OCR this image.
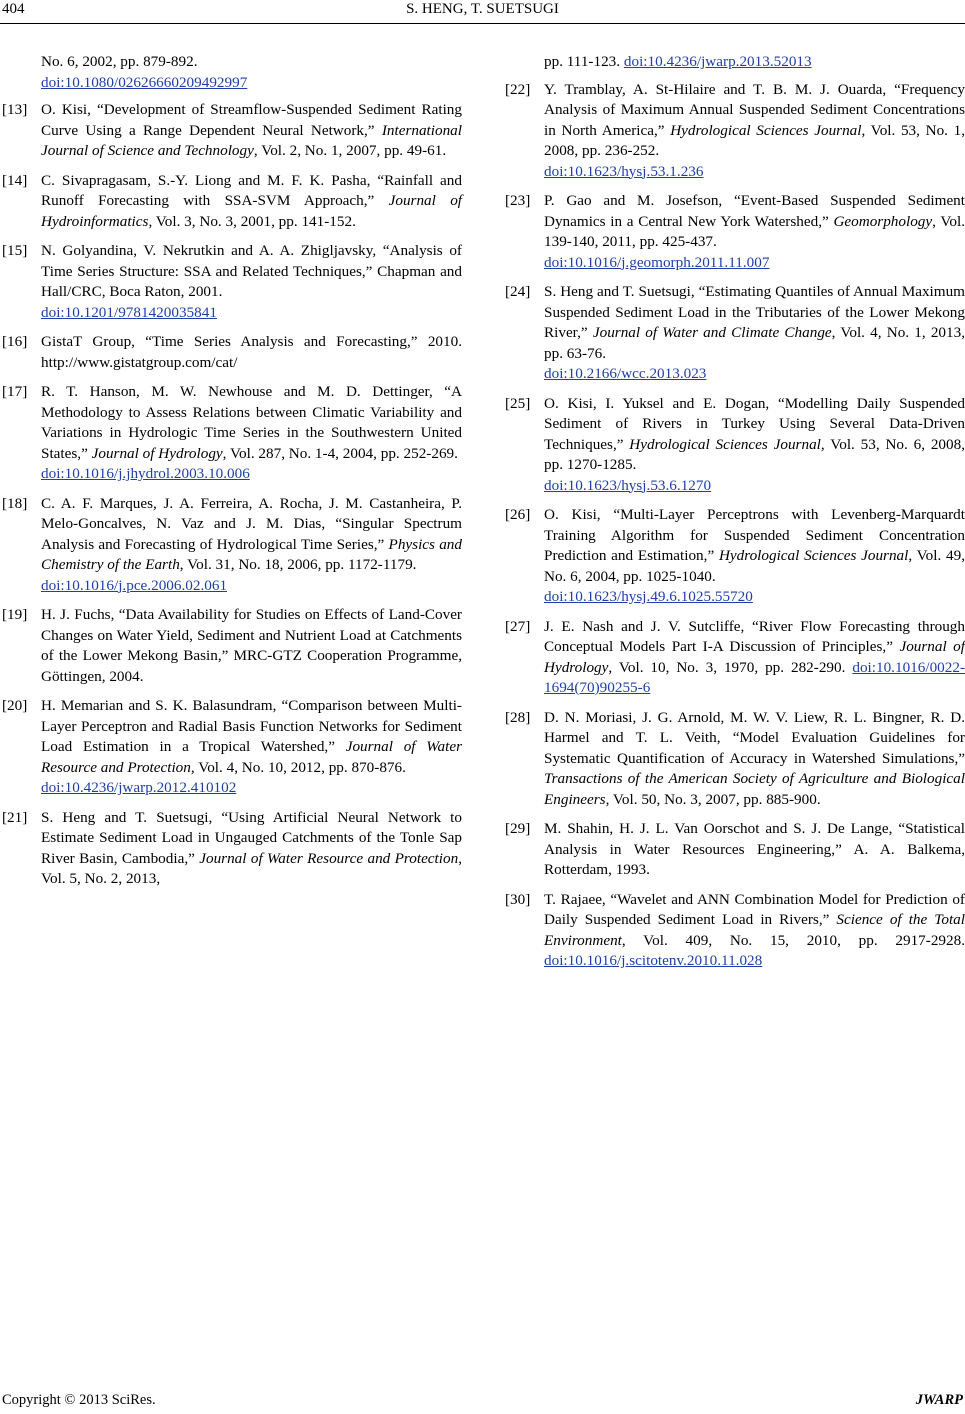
404	S. HENG, T. SUETSUGI
No. 6, 2002, pp. 879-892.
doi:10.1080/02626660209492997
[13] O. Kisi, “Development of Streamflow-Suspended Sediment Rating Curve Using a Range Dependent Neural Network,” International Journal of Science and Technology, Vol. 2, No. 1, 2007, pp. 49-61.
[14] C. Sivapragasam, S.-Y. Liong and M. F. K. Pasha, “Rainfall and Runoff Forecasting with SSA-SVM Approach,” Journal of Hydroinformatics, Vol. 3, No. 3, 2001, pp. 141-152.
[15] N. Golyandina, V. Nekrutkin and A. A. Zhigljavsky, “Analysis of Time Series Structure: SSA and Related Techniques,” Chapman and Hall/CRC, Boca Raton, 2001.
doi:10.1201/9781420035841
[16] GistaT Group, “Time Series Analysis and Forecasting,” 2010. http://www.gistatgroup.com/cat/
[17] R. T. Hanson, M. W. Newhouse and M. D. Dettinger, “A Methodology to Assess Relations between Climatic Variability and Variations in Hydrologic Time Series in the Southwestern United States,” Journal of Hydrology, Vol. 287, No. 1-4, 2004, pp. 252-269.
doi:10.1016/j.jhydrol.2003.10.006
[18] C. A. F. Marques, J. A. Ferreira, A. Rocha, J. M. Castanheira, P. Melo-Goncalves, N. Vaz and J. M. Dias, “Singular Spectrum Analysis and Forecasting of Hydrological Time Series,” Physics and Chemistry of the Earth, Vol. 31, No. 18, 2006, pp. 1172-1179.
doi:10.1016/j.pce.2006.02.061
[19] H. J. Fuchs, “Data Availability for Studies on Effects of Land-Cover Changes on Water Yield, Sediment and Nutrient Load at Catchments of the Lower Mekong Basin,” MRC-GTZ Cooperation Programme, Göttingen, 2004.
[20] H. Memarian and S. K. Balasundram, “Comparison between Multi-Layer Perceptron and Radial Basis Function Networks for Sediment Load Estimation in a Tropical Watershed,” Journal of Water Resource and Protection, Vol. 4, No. 10, 2012, pp. 870-876.
doi:10.4236/jwarp.2012.410102
[21] S. Heng and T. Suetsugi, “Using Artificial Neural Network to Estimate Sediment Load in Ungauged Catchments of the Tonle Sap River Basin, Cambodia,” Journal of Water Resource and Protection, Vol. 5, No. 2, 2013,
pp. 111-123. doi:10.4236/jwarp.2013.52013
[22] Y. Tramblay, A. St-Hilaire and T. B. M. J. Ouarda, “Frequency Analysis of Maximum Annual Suspended Sediment Concentrations in North America,” Hydrological Sciences Journal, Vol. 53, No. 1, 2008, pp. 236-252.
doi:10.1623/hysj.53.1.236
[23] P. Gao and M. Josefson, “Event-Based Suspended Sediment Dynamics in a Central New York Watershed,” Geomorphology, Vol. 139-140, 2011, pp. 425-437.
doi:10.1016/j.geomorph.2011.11.007
[24] S. Heng and T. Suetsugi, “Estimating Quantiles of Annual Maximum Suspended Sediment Load in the Tributaries of the Lower Mekong River,” Journal of Water and Climate Change, Vol. 4, No. 1, 2013, pp. 63-76.
doi:10.2166/wcc.2013.023
[25] O. Kisi, I. Yuksel and E. Dogan, “Modelling Daily Suspended Sediment of Rivers in Turkey Using Several Data-Driven Techniques,” Hydrological Sciences Journal, Vol. 53, No. 6, 2008, pp. 1270-1285.
doi:10.1623/hysj.53.6.1270
[26] O. Kisi, “Multi-Layer Perceptrons with Levenberg-Marquardt Training Algorithm for Suspended Sediment Concentration Prediction and Estimation,” Hydrological Sciences Journal, Vol. 49, No. 6, 2004, pp. 1025-1040.
doi:10.1623/hysj.49.6.1025.55720
[27] J. E. Nash and J. V. Sutcliffe, “River Flow Forecasting through Conceptual Models Part I-A Discussion of Principles,” Journal of Hydrology, Vol. 10, No. 3, 1970, pp. 282-290. doi:10.1016/0022-1694(70)90255-6
[28] D. N. Moriasi, J. G. Arnold, M. W. V. Liew, R. L. Bingner, R. D. Harmel and T. L. Veith, “Model Evaluation Guidelines for Systematic Quantification of Accuracy in Watershed Simulations,” Transactions of the American Society of Agriculture and Biological Engineers, Vol. 50, No. 3, 2007, pp. 885-900.
[29] M. Shahin, H. J. L. Van Oorschot and S. J. De Lange, “Statistical Analysis in Water Resources Engineering,” A. A. Balkema, Rotterdam, 1993.
[30] T. Rajaee, “Wavelet and ANN Combination Model for Prediction of Daily Suspended Sediment Load in Rivers,” Science of the Total Environment, Vol. 409, No. 15, 2010, pp. 2917-2928. doi:10.1016/j.scitotenv.2010.11.028
Copyright © 2013 SciRes.	JWARP
